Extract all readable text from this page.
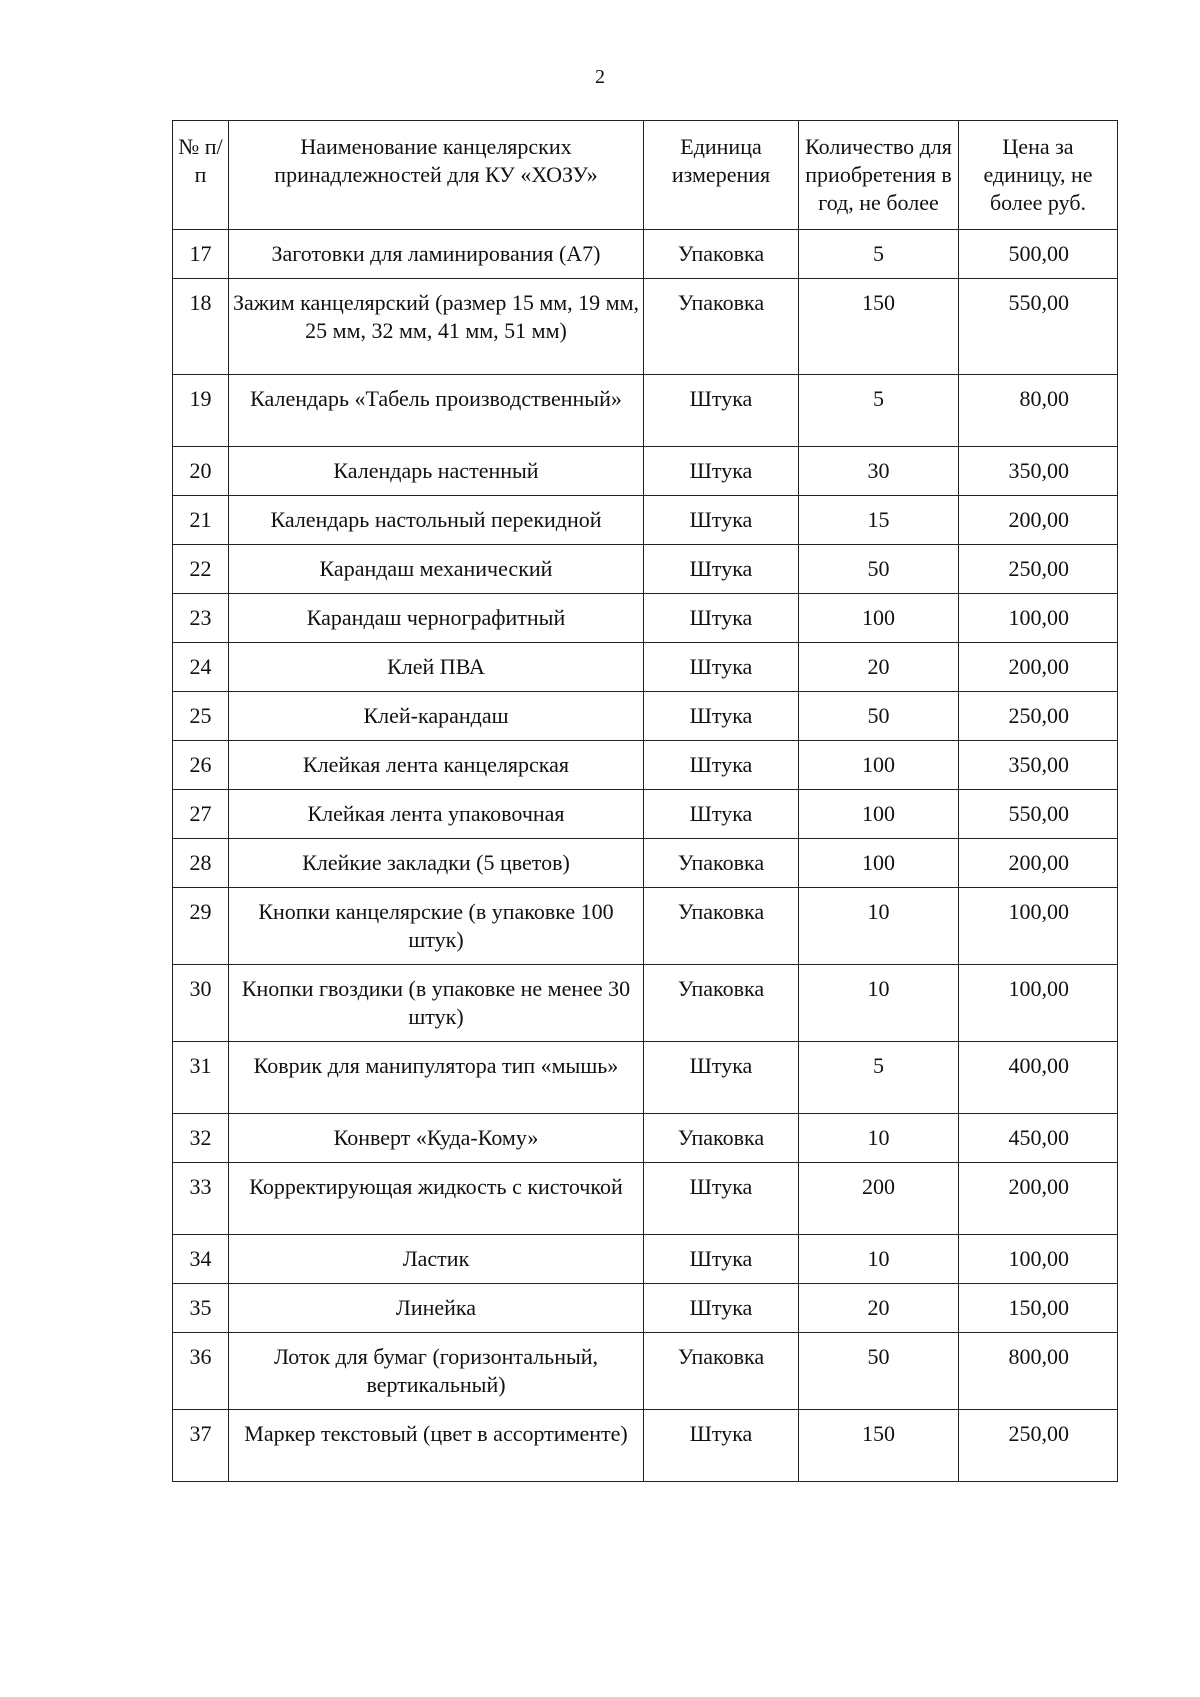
2
№ п/п	Наименование канцелярских принадлежностей для КУ «ХОЗУ»	Единица измерения	Количество для приобретения в год, не более	Цена за единицу, не более руб.
17	Заготовки для ламинирования (А7)	Упаковка	5	500,00
18	Зажим канцелярский (размер 15 мм, 19 мм, 25 мм, 32 мм, 41 мм, 51 мм)	Упаковка	150	550,00
19	Календарь «Табель производственный»	Штука	5	80,00
20	Календарь настенный	Штука	30	350,00
21	Календарь настольный перекидной	Штука	15	200,00
22	Карандаш механический	Штука	50	250,00
23	Карандаш чернографитный	Штука	100	100,00
24	Клей ПВА	Штука	20	200,00
25	Клей-карандаш	Штука	50	250,00
26	Клейкая лента канцелярская	Штука	100	350,00
27	Клейкая лента упаковочная	Штука	100	550,00
28	Клейкие закладки (5 цветов)	Упаковка	100	200,00
29	Кнопки канцелярские (в упаковке 100 штук)	Упаковка	10	100,00
30	Кнопки гвоздики (в упаковке не менее 30 штук)	Упаковка	10	100,00
31	Коврик для манипулятора тип «мышь»	Штука	5	400,00
32	Конверт «Куда-Кому»	Упаковка	10	450,00
33	Корректирующая жидкость с кисточкой	Штука	200	200,00
34	Ластик	Штука	10	100,00
35	Линейка	Штука	20	150,00
36	Лоток для бумаг (горизонтальный, вертикальный)	Упаковка	50	800,00
37	Маркер текстовый (цвет в ассортименте)	Штука	150	250,00
